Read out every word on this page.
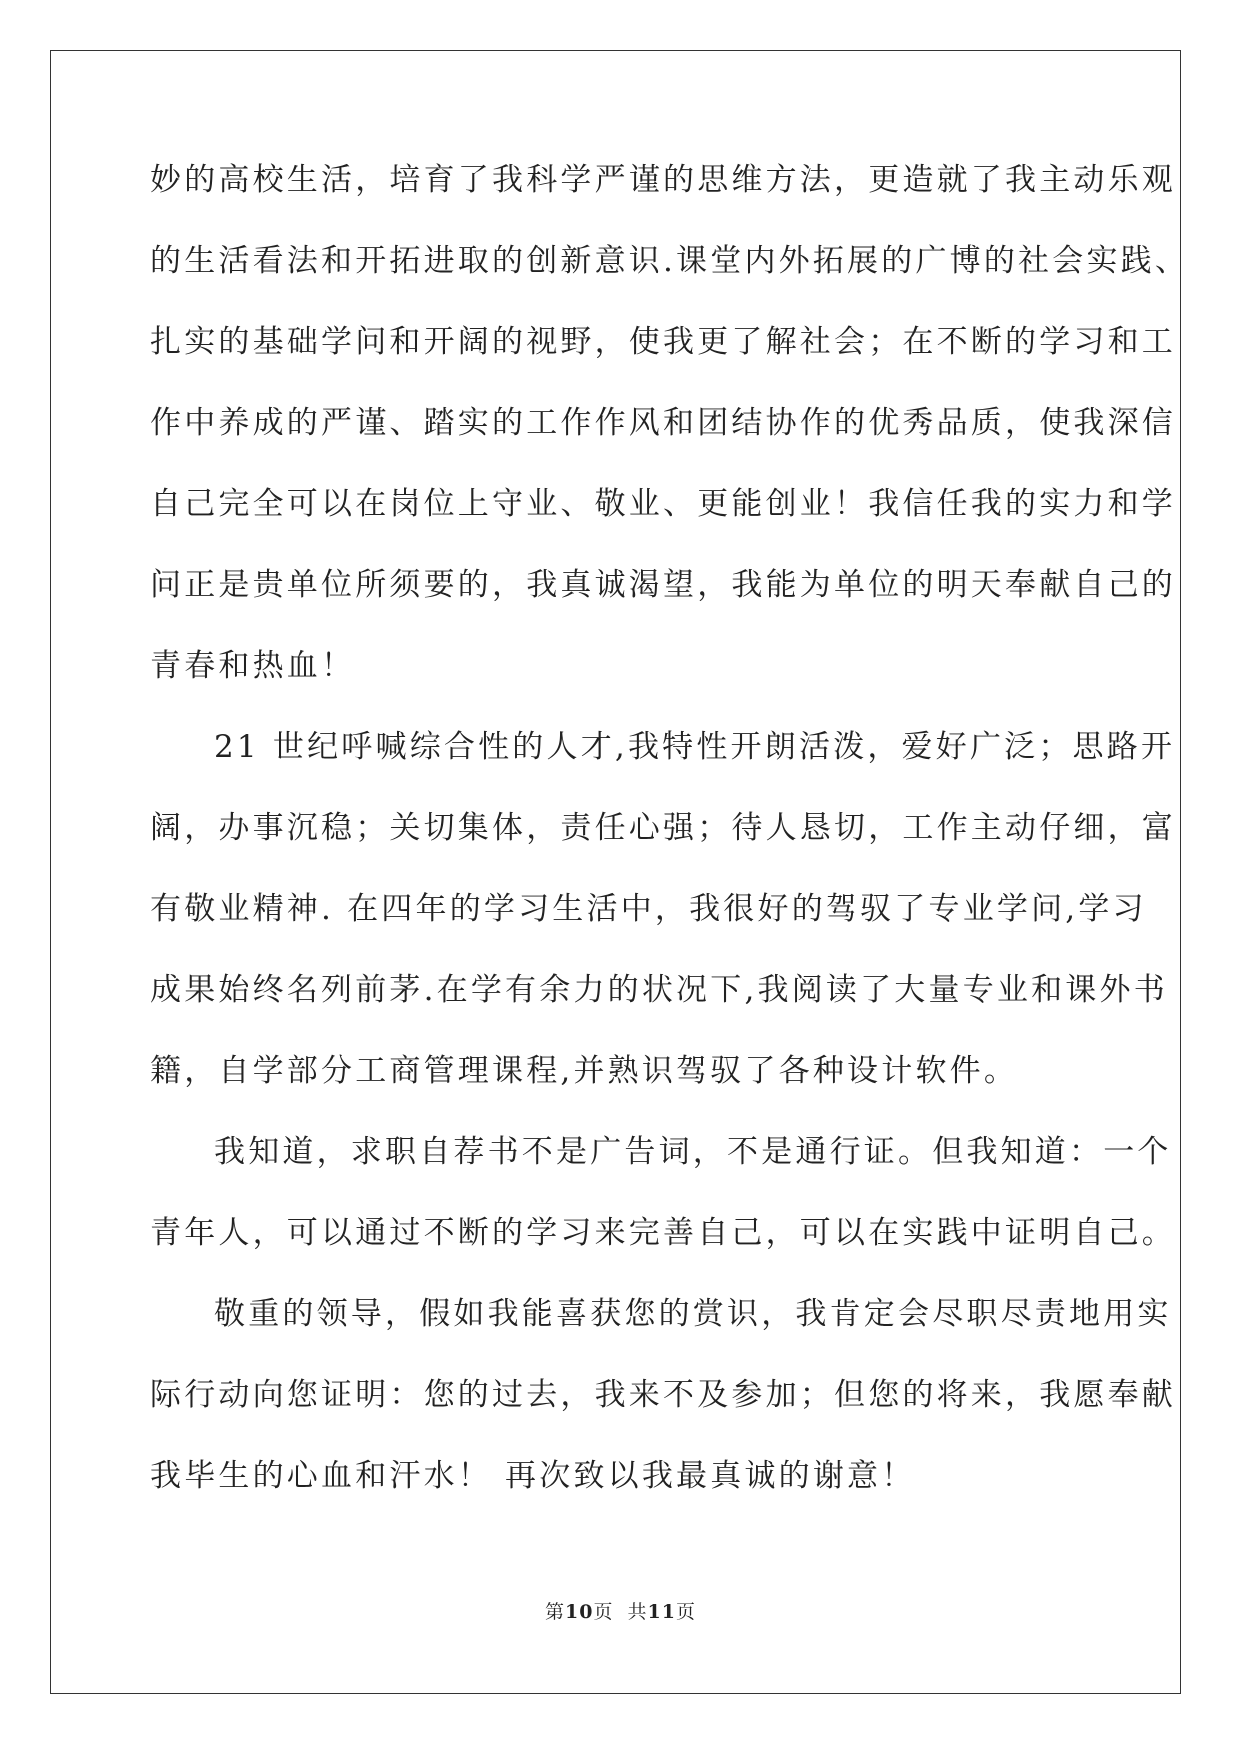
妙的高校生活，培育了我科学严谨的思维方法，更造就了我主动乐观
的生活看法和开拓进取的创新意识.课堂内外拓展的广博的社会实践、
扎实的基础学问和开阔的视野，使我更了解社会；在不断的学习和工
作中养成的严谨、踏实的工作作风和团结协作的优秀品质，使我深信
自己完全可以在岗位上守业、敬业、更能创业！我信任我的实力和学
问正是贵单位所须要的，我真诚渴望，我能为单位的明天奉献自己的
青春和热血！
21 世纪呼喊综合性的人才,我特性开朗活泼，爱好广泛；思路开
阔，办事沉稳；关切集体，责任心强；待人恳切，工作主动仔细，富
有敬业精神. 在四年的学习生活中，我很好的驾驭了专业学问,学习
成果始终名列前茅.在学有余力的状况下,我阅读了大量专业和课外书
籍，自学部分工商管理课程,并熟识驾驭了各种设计软件。
我知道，求职自荐书不是广告词，不是通行证。但我知道：一个
青年人，可以通过不断的学习来完善自己，可以在实践中证明自己。
敬重的领导，假如我能喜获您的赏识，我肯定会尽职尽责地用实
际行动向您证明：您的过去，我来不及参加；但您的将来，我愿奉献
我毕生的心血和汗水！ 再次致以我最真诚的谢意！
第10页  共11页
